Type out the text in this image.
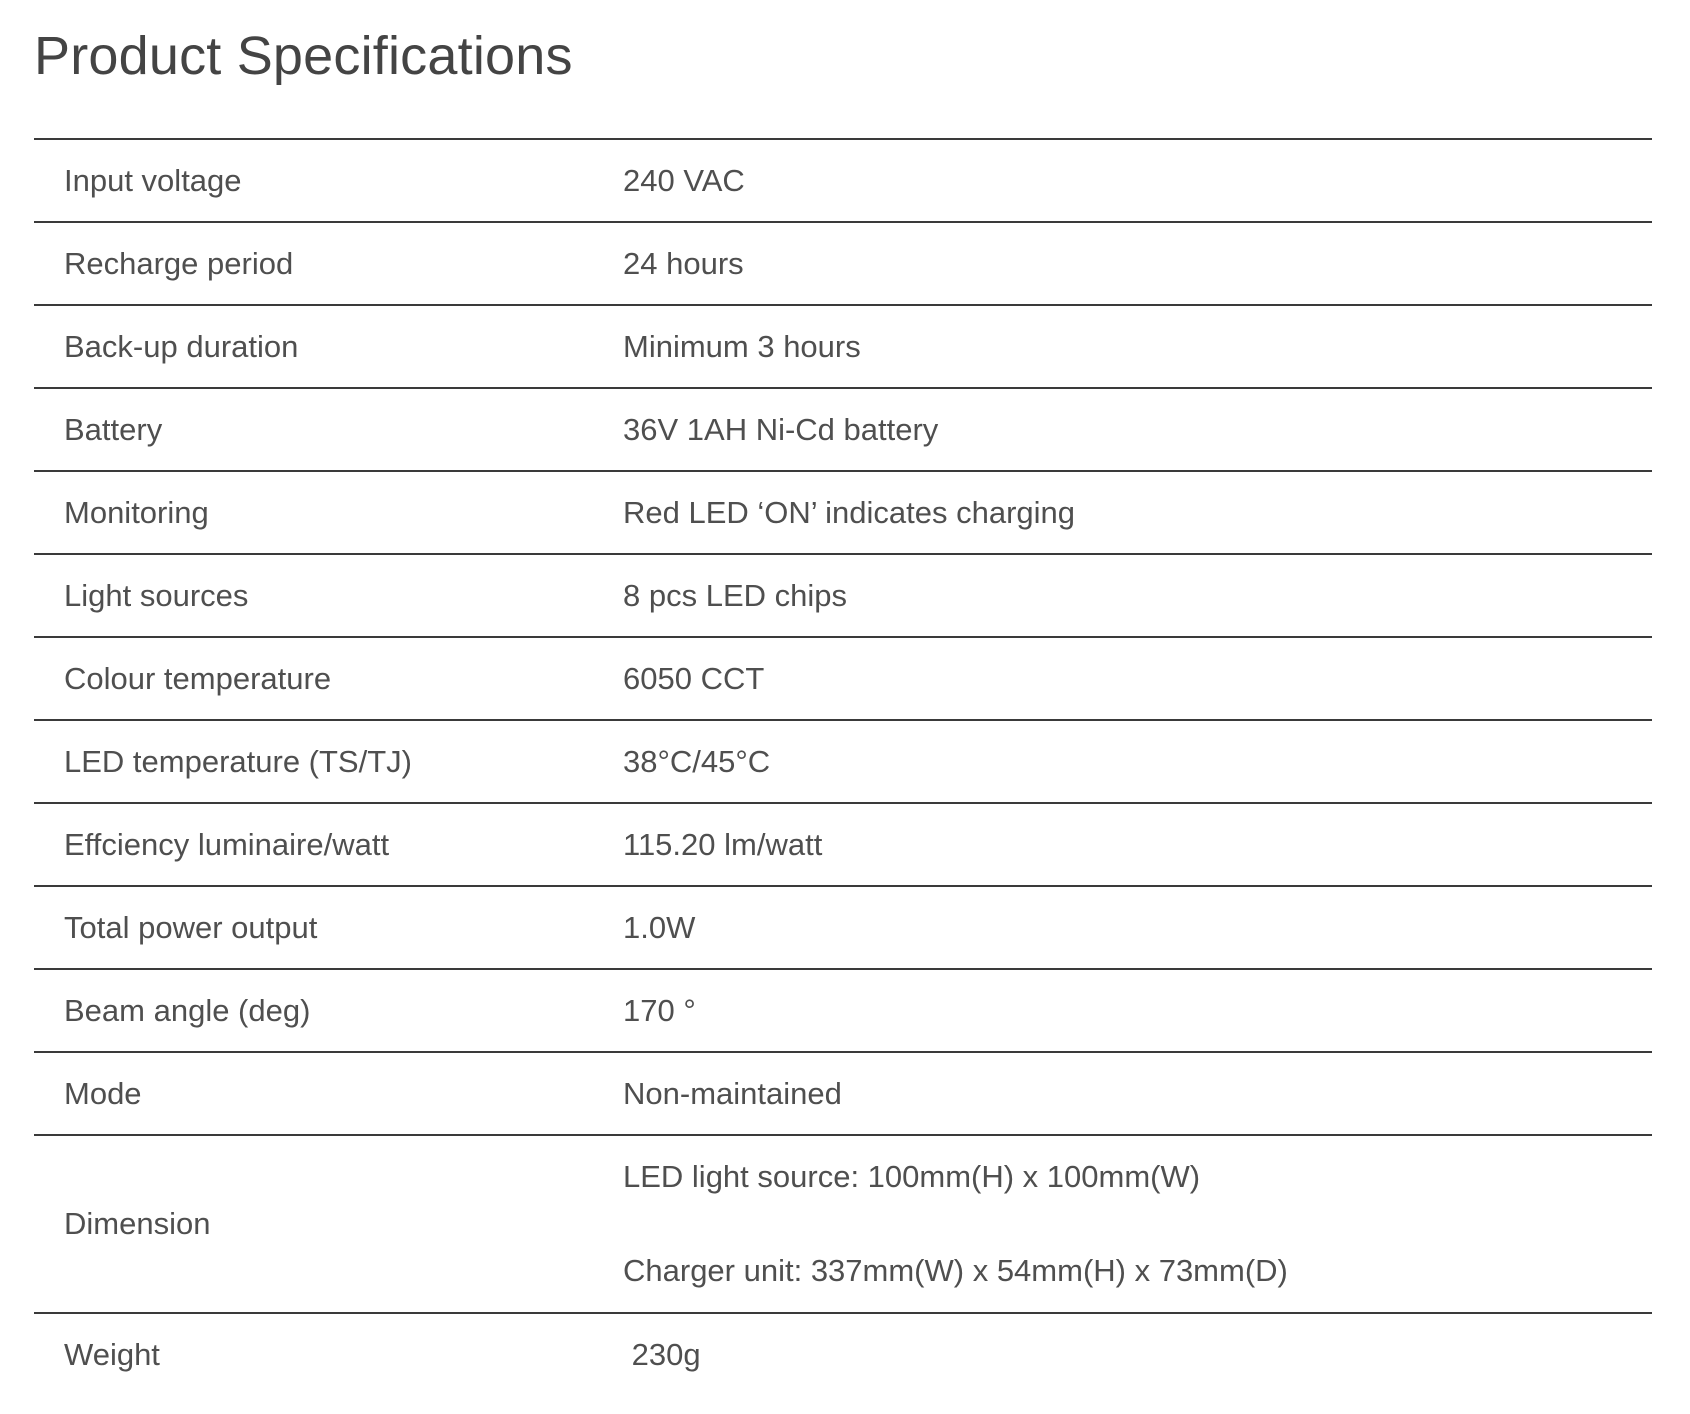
Product Specifications
Input voltage	240 VAC
Recharge period	24 hours
Back-up duration	Minimum 3 hours
Battery	36V 1AH Ni-Cd battery
Monitoring	Red LED ‘ON’ indicates charging
Light sources	8 pcs LED chips
Colour temperature	6050 CCT
LED temperature (TS/TJ)	38°C/45°C
Effciency luminaire/watt	115.20 lm/watt
Total power output	1.0W
Beam angle (deg)	170 °
Mode	Non-maintained
Dimension	LED light source: 100mm(H) x 100mm(W)
Charger unit: 337mm(W) x 54mm(H) x 73mm(D)

Weight	230g
